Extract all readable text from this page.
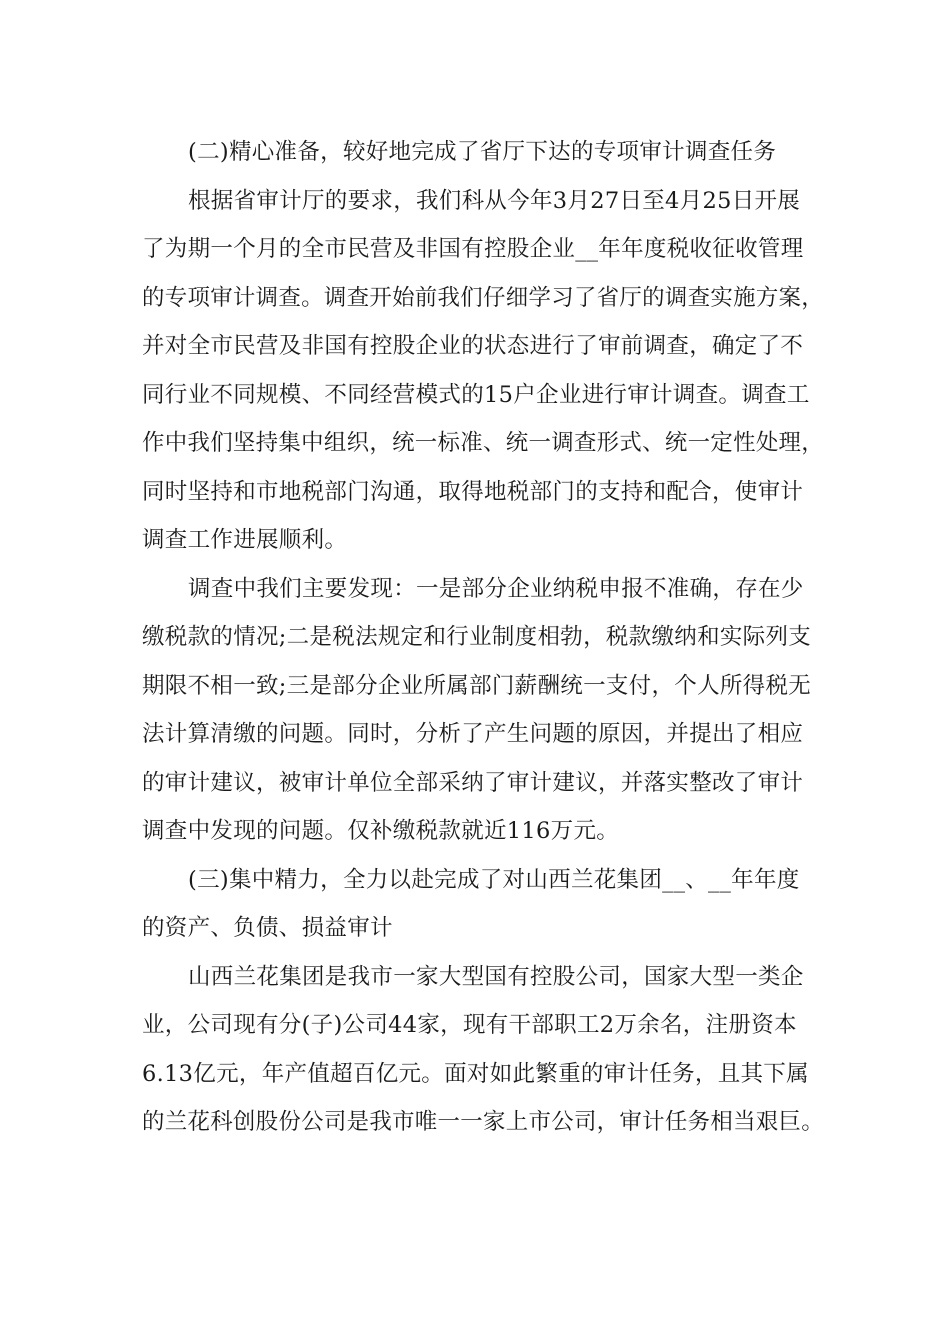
(二)精心准备，较好地完成了省厅下达的专项审计调查任务
根据省审计厅的要求，我们科从今年3月27日至4月25日开展
了为期一个月的全市民营及非国有控股企业__年年度税收征收管理
的专项审计调查。调查开始前我们仔细学习了省厅的调查实施方案，
并对全市民营及非国有控股企业的状态进行了审前调查，确定了不
同行业不同规模、不同经营模式的15户企业进行审计调查。调查工
作中我们坚持集中组织，统一标准、统一调查形式、统一定性处理，
同时坚持和市地税部门沟通，取得地税部门的支持和配合，使审计
调查工作进展顺利。
调查中我们主要发现：一是部分企业纳税申报不准确，存在少
缴税款的情况;二是税法规定和行业制度相勃，税款缴纳和实际列支
期限不相一致;三是部分企业所属部门薪酬统一支付，个人所得税无
法计算清缴的问题。同时，分析了产生问题的原因，并提出了相应
的审计建议，被审计单位全部采纳了审计建议，并落实整改了审计
调查中发现的问题。仅补缴税款就近116万元。
(三)集中精力，全力以赴完成了对山西兰花集团__、__年年度
的资产、负债、损益审计
山西兰花集团是我市一家大型国有控股公司，国家大型一类企
业，公司现有分(子)公司44家，现有干部职工2万余名，注册资本
6.13亿元，年产值超百亿元。面对如此繁重的审计任务，且其下属
的兰花科创股份公司是我市唯一一家上市公司，审计任务相当艰巨。
